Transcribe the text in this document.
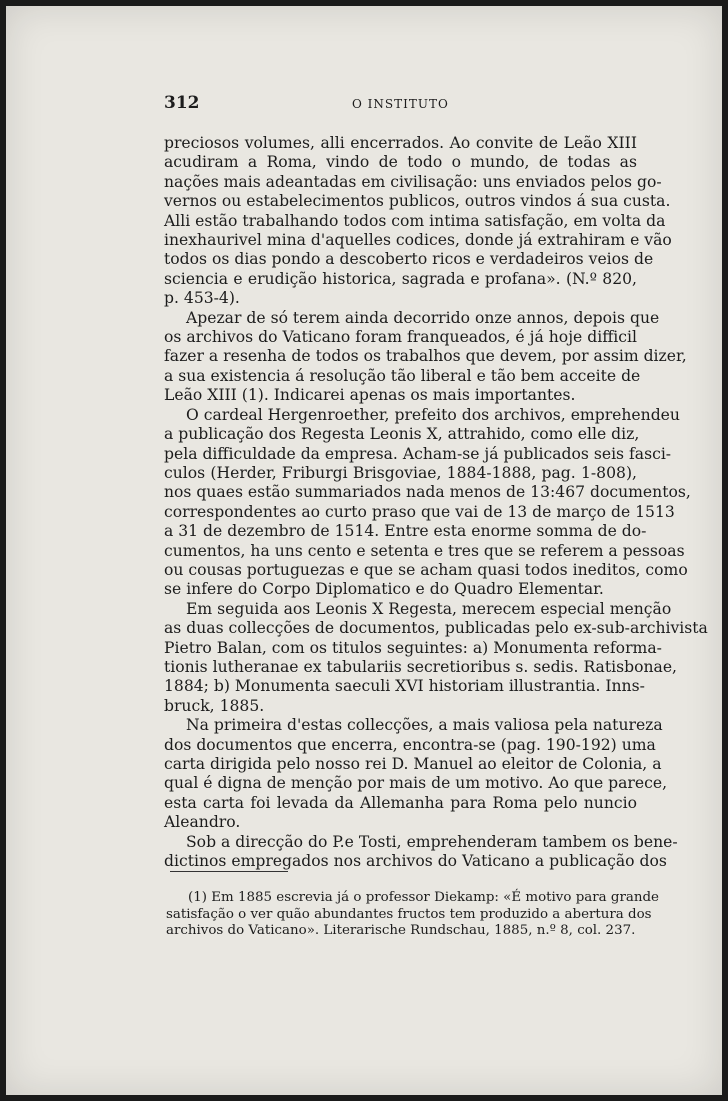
312	O INSTITUTO
preciosos volumes, alli encerrados. Ao convite de Leão XIII
acudiram a Roma, vindo de todo o mundo, de todas as
nações mais adeantadas em civilisação: uns enviados pelos go-
vernos ou estabelecimentos publicos, outros vindos á sua custa.
Alli estão trabalhando todos com intima satisfação, em volta da
inexhaurivel mina d'aquelles codices, donde já extrahiram e vão
todos os dias pondo a descoberto ricos e verdadeiros veios de
sciencia e erudição historica, sagrada e profana». (N.º 820,
p. 453-4).
Apezar de só terem ainda decorrido onze annos, depois que
os archivos do Vaticano foram franqueados, é já hoje difficil
fazer a resenha de todos os trabalhos que devem, por assim dizer,
a sua existencia á resolução tão liberal e tão bem acceite de
Leão XIII (1). Indicarei apenas os mais importantes.
O cardeal Hergenroether, prefeito dos archivos, emprehendeu
a publicação dos Regesta Leonis X, attrahido, como elle diz,
pela difficuldade da empresa. Acham-se já publicados seis fasci-
culos (Herder, Friburgi Brisgoviae, 1884-1888, pag. 1-808),
nos quaes estão summariados nada menos de 13:467 documentos,
correspondentes ao curto praso que vai de 13 de março de 1513
a 31 de dezembro de 1514. Entre esta enorme somma de do-
cumentos, ha uns cento e setenta e tres que se referem a pessoas
ou cousas portuguezas e que se acham quasi todos ineditos, como
se infere do Corpo Diplomatico e do Quadro Elementar.
Em seguida aos Leonis X Regesta, merecem especial menção
as duas collecções de documentos, publicadas pelo ex-sub-archivista
Pietro Balan, com os titulos seguintes: a) Monumenta reforma-
tionis lutheranae ex tabulariis secretioribus s. sedis. Ratisbonae,
1884; b) Monumenta saeculi XVI historiam illustrantia. Inns-
bruck, 1885.
Na primeira d'estas collecções, a mais valiosa pela natureza
dos documentos que encerra, encontra-se (pag. 190-192) uma
carta dirigida pelo nosso rei D. Manuel ao eleitor de Colonia, a
qual é digna de menção por mais de um motivo. Ao que parece,
esta carta foi levada da Allemanha para Roma pelo nuncio
Aleandro.
Sob a direcção do P.e Tosti, emprehenderam tambem os bene-
dictinos empregados nos archivos do Vaticano a publicação dos
(1) Em 1885 escrevia já o professor Diekamp: «É motivo para grande
satisfação o ver quão abundantes fructos tem produzido a abertura dos
archivos do Vaticano». Literarische Rundschau, 1885, n.º 8, col. 237.
